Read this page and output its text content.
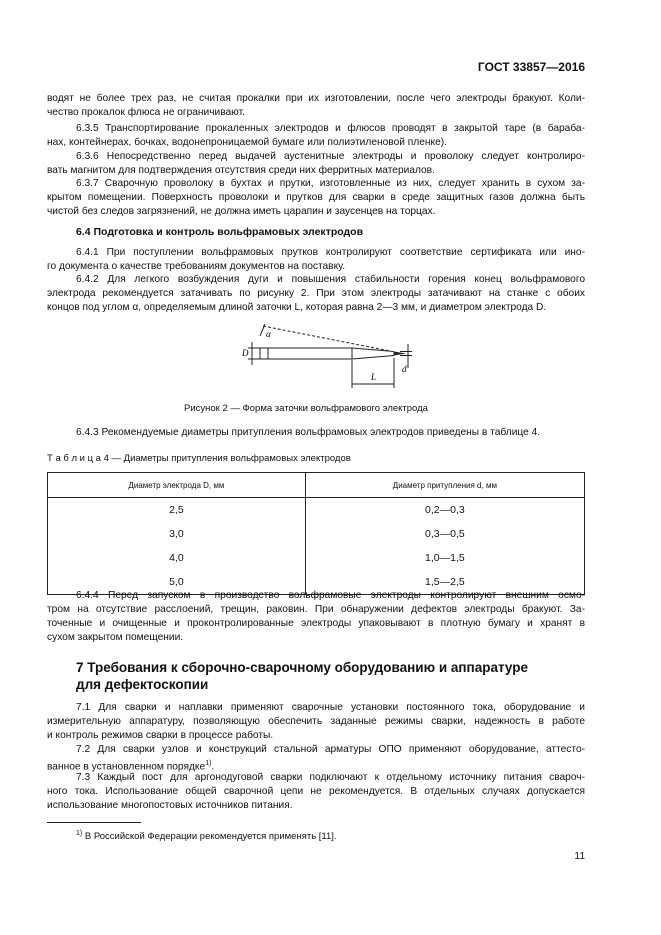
ГОСТ 33857—2016
водят не более трех раз, не считая прокалки при их изготовлении, после чего электроды бракуют. Коли-
чество прокалок флюса не ограничивают.
6.3.5 Транспортирование прокаленных электродов и флюсов проводят в закрытой таре (в бараба-
нах, контейнерах, бочках, водонепроницаемой бумаге или полиэтиленовой пленке).
6.3.6 Непосредственно перед выдачей аустенитные электроды и проволоку следует контролиро-
вать магнитом для подтверждения отсутствия среди них ферритных материалов.
6.3.7 Сварочную проволоку в бухтах и прутки, изготовленные из них, следует хранить в сухом за-
крытом помещении. Поверхность проволоки и прутков для сварки в среде защитных газов должна быть
чистой без следов загрязнений, не должна иметь царапин и заусенцев на торцах.
6.4 Подготовка и контроль вольфрамовых электродов
6.4.1 При поступлении вольфрамовых прутков контролируют соответствие сертификата или ино-
го документа о качестве требованиям документов на поставку.
6.4.2 Для легкого возбуждения дуги и повышения стабильности горения конец вольфрамового
электрода рекомендуется затачивать по рисунку 2. При этом электроды затачивают на станке с обоих
концов под углом α, определяемым длиной заточки L, которая равна 2—3 мм, и диаметром электрода D.
α
D
L
d
Рисунок 2 — Форма заточки вольфрамового электрода
6.4.3 Рекомендуемые диаметры притупления вольфрамовых электродов приведены в таблице 4.
Т а б л и ц а 4 — Диаметры притупления вольфрамовых электродов
Диаметр электрода D, мм	Диаметр притупления d, мм
2,5	0,2—0,3
3,0	0,3—0,5
4,0	1,0—1,5
5,0	1,5—2,5
6.4.4 Перед запуском в производство вольфрамовые электроды контролируют внешним осмо-
тром на отсутствие расслоений, трещин, раковин. При обнаружении дефектов электроды бракуют. За-
точенные и очищенные и проконтролированные электроды упаковывают в плотную бумагу и хранят в
сухом закрытом помещении.
7 Требования к сборочно-сварочному оборудованию и аппаратуре
для дефектоскопии
7.1 Для сварки и наплавки применяют сварочные установки постоянного тока, оборудование и
измерительную аппаратуру, позволяющую обеспечить заданные режимы сварки, надежность в работе
и контроль режимов сварки в процессе работы.
7.2 Для сварки узлов и конструкций стальной арматуры ОПО применяют оборудование, аттесто-
ванное в установленном порядке$^{1)}$.
7.3 Каждый пост для аргонодуговой сварки подключают к отдельному источнику питания свароч-
ного тока. Использование общей сварочной цепи не рекомендуется. В отдельных случаях допускается
использование многопостовых источников питания.
$^{1)}$ В Российской Федерации рекомендуется применять [11].
11
